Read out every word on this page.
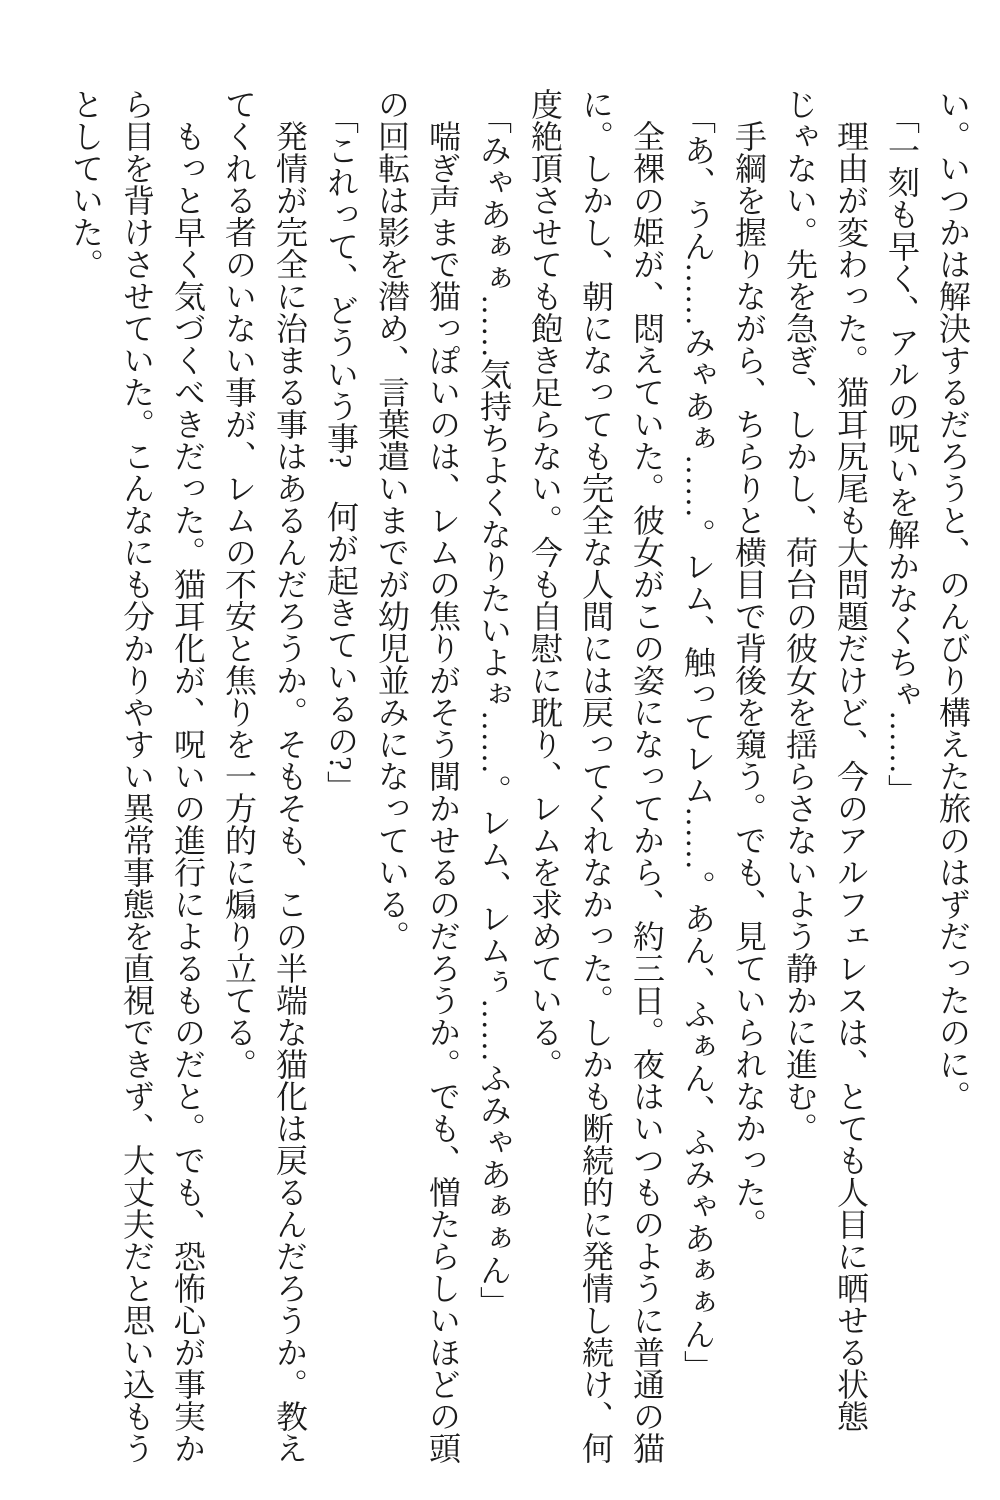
い。いつかは解決するだろうと、のんびり構えた旅のはずだったのに。

「一刻も早く、アルの呪いを解かなくちゃ……」

理由が変わった。猫耳尻尾も大問題だけど、今のアルフェレスは、とても人目に晒せる状態じゃない。先を急ぎ、しかし、荷台の彼女を揺らさないよう静かに進む。

手綱を握りながら、ちらりと横目で背後を窺う。でも、見ていられなかった。

「あ、うん……みゃあぁ……。レム、触ってレム……。あん、ふぁん、ふみゃあぁぁん」

全裸の姫が、悶えていた。彼女がこの姿になってから、約三日。夜はいつものように普通の猫に。しかし、朝になっても完全な人間には戻ってくれなかった。しかも断続的に発情し続け、何度絶頂させても飽き足らない。今も自慰に耽り、レムを求めている。

「みゃあぁぁ……気持ちよくなりたいよぉ……。レム、レムぅ……ふみゃあぁぁん」

喘ぎ声まで猫っぽいのは、レムの焦りがそう聞かせるのだろうか。でも、憎たらしいほどの頭の回転は影を潜め、言葉遣いまでが幼児並みになっている。

「これって、どういう事?　何が起きているの?」

発情が完全に治まる事はあるんだろうか。そもそも、この半端な猫化は戻るんだろうか。教えてくれる者のいない事が、レムの不安と焦りを一方的に煽り立てる。

もっと早く気づくべきだった。猫耳化が、呪いの進行によるものだと。でも、恐怖心が事実から目を背けさせていた。こんなにも分かりやすい異常事態を直視できず、大丈夫だと思い込もうとしていた。
